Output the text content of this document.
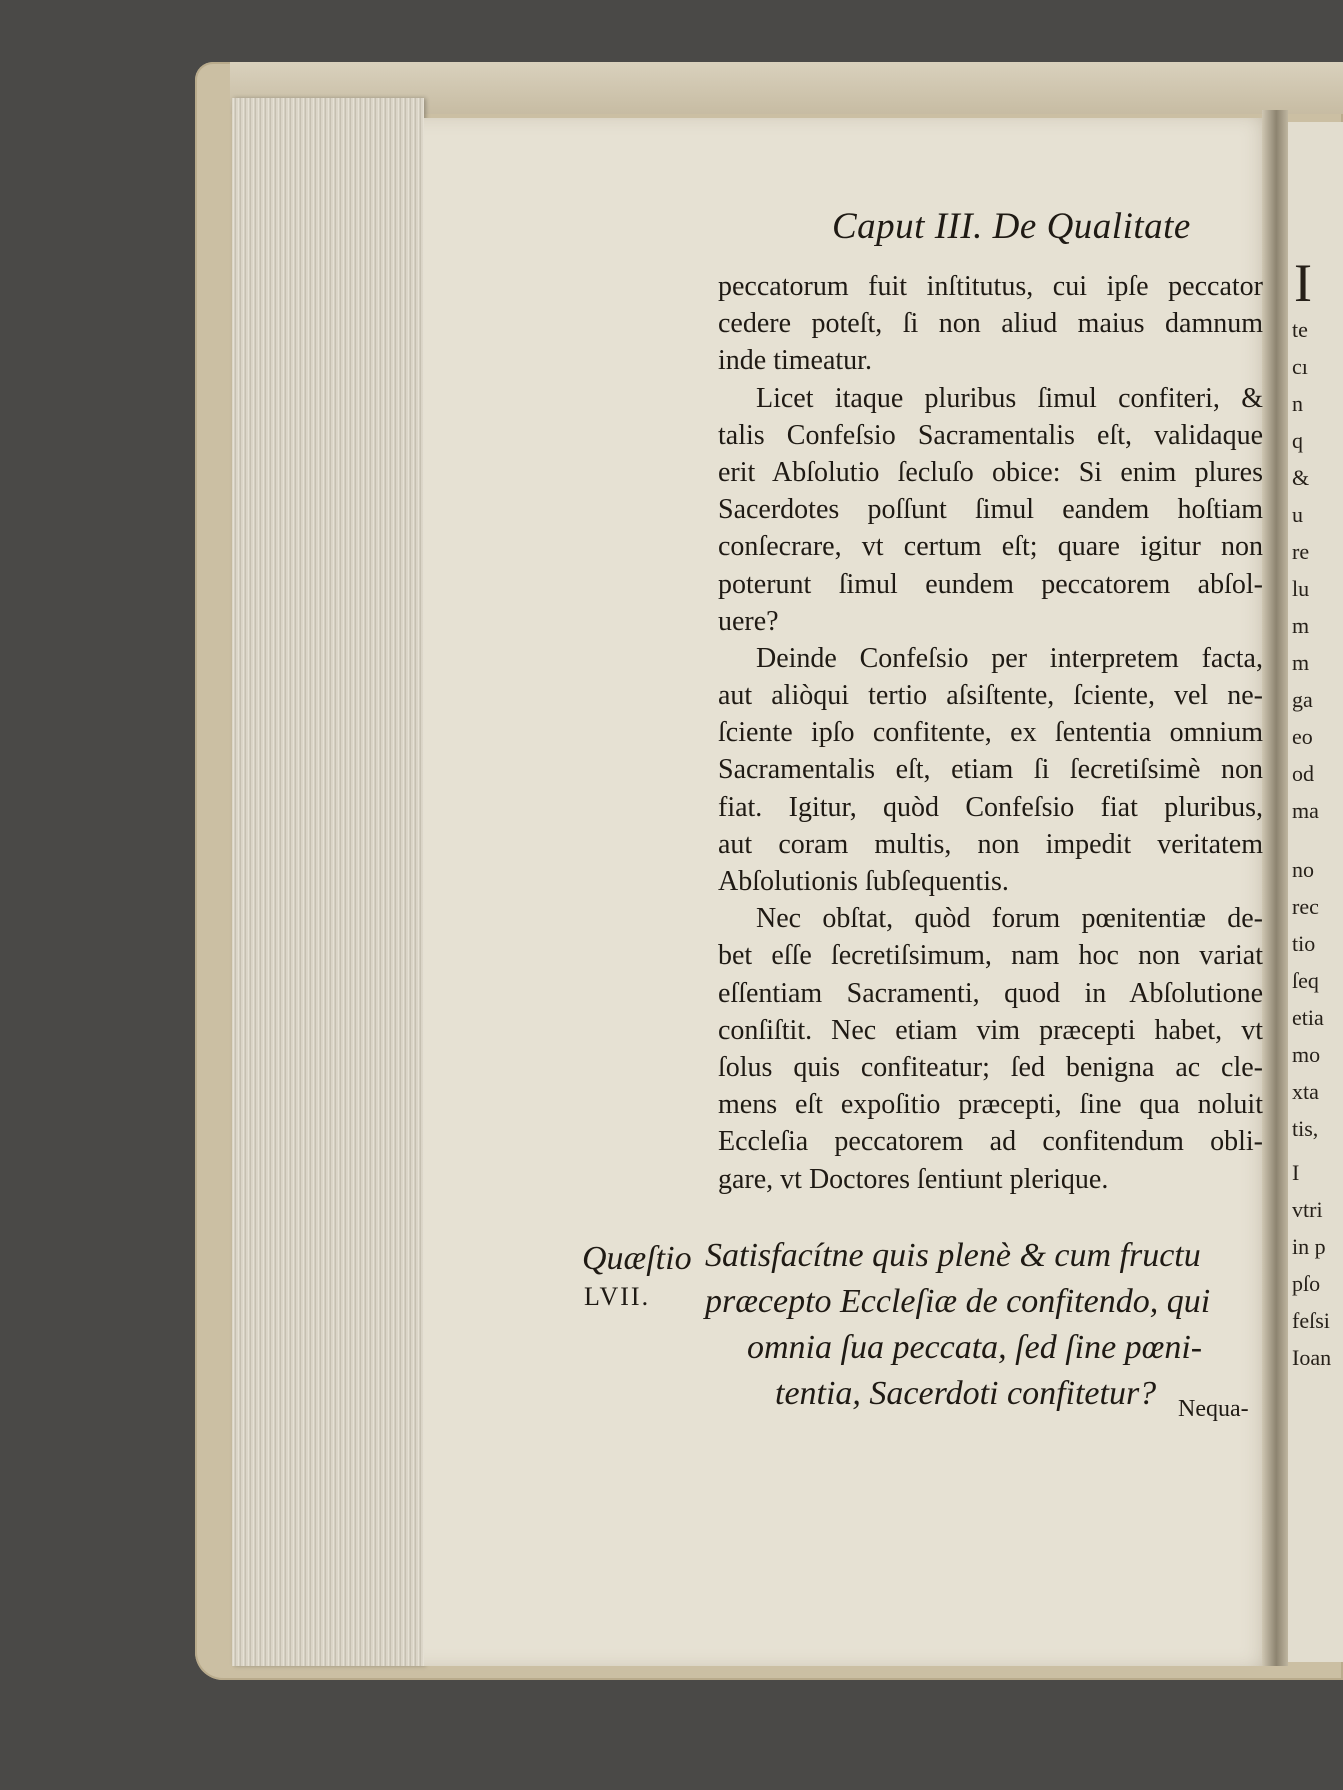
I
te
cı
n
q
&
u
re
lu
m
m
ga
eo
od
ma
no
rec
tio
ſeq
etia
mo
xta
tis,
I
vtri
in p
pſo
feſsi
Ioan
Caput III. De Qualitate
peccatorum fuit inſtitutus, cui ipſe peccator
cedere poteſt, ſi non aliud maius damnum
inde timeatur.
Licet itaque pluribus ſimul confiteri, &
talis Confeſsio Sacramentalis eſt, validaque
erit Abſolutio ſecluſo obice: Si enim plures
Sacerdotes poſſunt ſimul eandem hoſtiam
conſecrare, vt certum eſt; quare igitur non
poterunt ſimul eundem peccatorem abſol-
uere?
Deinde Confeſsio per interpretem facta,
aut aliòqui tertio aſsiſtente, ſciente, vel ne-
ſciente ipſo confitente, ex ſententia omnium
Sacramentalis eſt, etiam ſi ſecretiſsimè non
fiat. Igitur, quòd Confeſsio fiat pluribus,
aut coram multis, non impedit veritatem
Abſolutionis ſubſequentis.
Nec obſtat, quòd forum pœnitentiæ de-
bet eſſe ſecretiſsimum, nam hoc non variat
eſſentiam Sacramenti, quod in Abſolutione
conſiſtit. Nec etiam vim præcepti habet, vt
ſolus quis confiteatur; ſed benigna ac cle-
mens eſt expoſitio præcepti, ſine qua noluit
Eccleſia peccatorem ad confitendum obli-
gare, vt Doctores ſentiunt plerique.
Quæſtio
LVII.
Satisfacítne quis plenè & cum fructu
præcepto Eccleſiæ de confitendo, qui
omnia ſua peccata, ſed ſine pœni-
tentia, Sacerdoti confitetur? Nequa-
